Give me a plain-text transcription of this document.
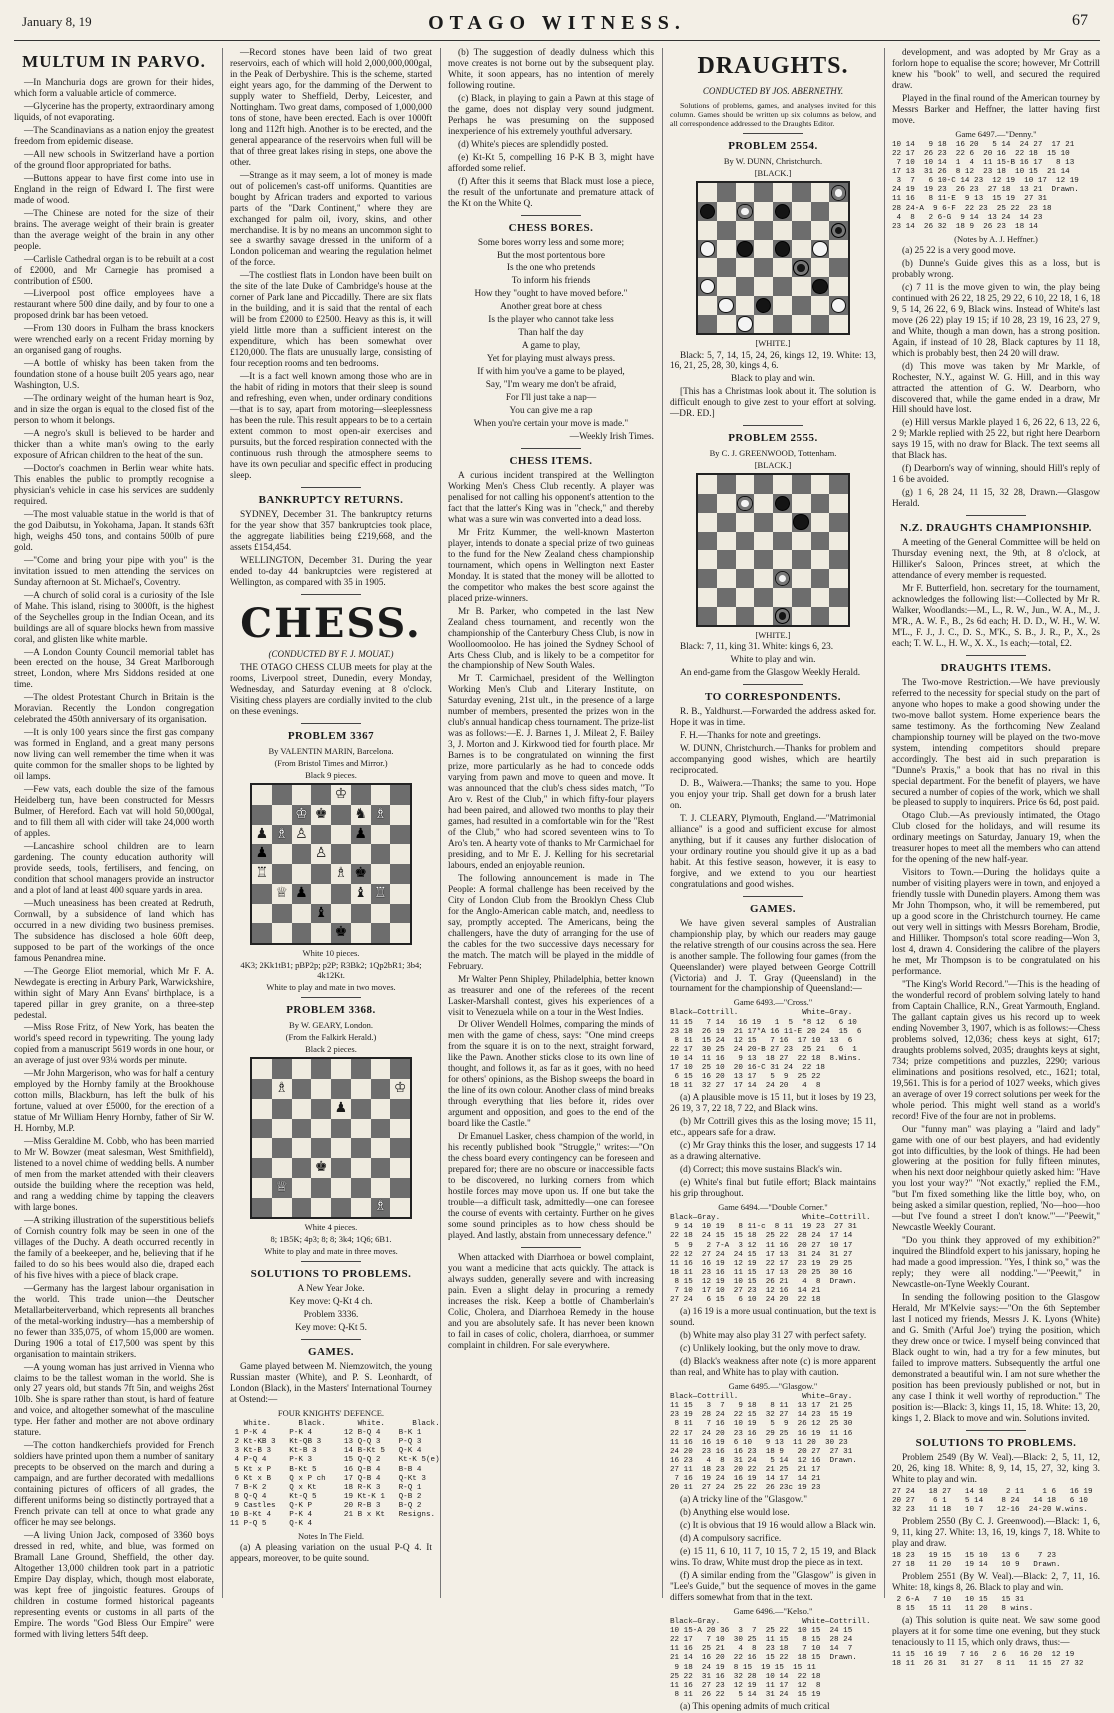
January 8, 19	OTAGO WITNESS.	67
MULTUM IN PARVO.

—In Manchuria dogs are grown for their hides, which form a valuable article of commerce.

—Glycerine has the property, extraordinary among liquids, of not evaporating.

—The Scandinavians as a nation enjoy the greatest freedom from epidemic disease.

—All new schools in Switzerland have a portion of the ground floor appropriated for baths.

—Buttons appear to have first come into use in England in the reign of Edward I. The first were made of wood.

—The Chinese are noted for the size of their brains. The average weight of their brain is greater than the average weight of the brain in any other people.

—Carlisle Cathedral organ is to be rebuilt at a cost of £2000, and Mr Carnegie has promised a contribution of £500.

—Liverpool post office employees have a restaurant where 500 dine daily, and by four to one a proposed drink bar has been vetoed.

—From 130 doors in Fulham the brass knockers were wrenched early on a recent Friday morning by an organised gang of roughs.

—A bottle of whisky has been taken from the foundation stone of a house built 205 years ago, near Washington, U.S.

—The ordinary weight of the human heart is 9oz, and in size the organ is equal to the closed fist of the person to whom it belongs.

—A negro's skull is believed to be harder and thicker than a white man's owing to the early exposure of African children to the heat of the sun.

—Doctor's coachmen in Berlin wear white hats. This enables the public to promptly recognise a physician's vehicle in case his services are suddenly required.

—The most valuable statue in the world is that of the god Daibutsu, in Yokohama, Japan. It stands 63ft high, weighs 450 tons, and contains 500lb of pure gold.

—"Come and bring your pipe with you" is the invitation issued to men attending the services on Sunday afternoon at St. Michael's, Coventry.

—A church of solid coral is a curiosity of the Isle of Mahe. This island, rising to 3000ft, is the highest of the Seychelles group in the Indian Ocean, and its buildings are all of square blocks hewn from massive coral, and glisten like white marble.

—A London County Council memorial tablet has been erected on the house, 34 Great Marlborough street, London, where Mrs Siddons resided at one time.

—The oldest Protestant Church in Britain is the Moravian. Recently the London congregation celebrated the 450th anniversary of its organisation.

—It is only 100 years since the first gas company was formed in England, and a great many persons now living can well remember the time when it was quite common for the smaller shops to be lighted by oil lamps.

—Few vats, each double the size of the famous Heidelberg tun, have been constructed for Messrs Bulmer, of Hereford. Each vat will hold 50,000gal, and to fill them all with cider will take 24,000 worth of apples.

—Lancashire school children are to learn gardening. The county education authority will provide seeds, tools, fertilisers, and fencing, on condition that school managers provide an instructor and a plot of land at least 400 square yards in area.

—Much uneasiness has been created at Redruth, Cornwall, by a subsidence of land which has occurred in a new dividing two business premises. The subsidence has disclosed a hole 60ft deep, supposed to be part of the workings of the once famous Penandrea mine.

—The George Eliot memorial, which Mr F. A. Newdegate is erecting in Arbury Park, Warwickshire, within sight of Mary Ann Evans' birthplace, is a tapered pillar in grey granite, on a three-step pedestal.

—Miss Rose Fritz, of New York, has beaten the world's speed record in typewriting. The young lady copied from a manuscript 5619 words in one hour, or an average of just over 93¼ words per minute.

—Mr John Margerison, who was for half a century employed by the Hornby family at the Brookhouse cotton mills, Blackburn, has left the bulk of his fortune, valued at over £5000, for the erection of a statue of Mr William Henry Hornby, father of Sir W. H. Hornby, M.P.

—Miss Geraldine M. Cobb, who has been married to Mr W. Bowzer (meat salesman, West Smithfield), listened to a novel chime of wedding bells. A number of men from the market attended with their cleavers outside the building where the reception was held, and rang a wedding chime by tapping the cleavers with large bones.

—A striking illustration of the superstitious beliefs of Cornish country folk may be seen in one of the villages of the Duchy. A death occurred recently in the family of a beekeeper, and he, believing that if he failed to do so his bees would also die, draped each of his five hives with a piece of black crape.

—Germany has the largest labour organisation in the world. This trade union—the Deutscher Metallarbeiterverband, which represents all branches of the metal-working industry—has a membership of no fewer than 335,075, of whom 15,000 are women. During 1906 a total of £17,500 was spent by this organisation to maintain strikers.

—A young woman has just arrived in Vienna who claims to be the tallest woman in the world. She is only 27 years old, but stands 7ft 5in, and weighs 26st 10lb. She is spare rather than stout, is hard of feature and voice, and altogether somewhat of the masculine type. Her father and mother are not above ordinary stature.

—The cotton handkerchiefs provided for French soldiers have printed upon them a number of sanitary precepts to be observed on the march and during a campaign, and are further decorated with medallions containing pictures of officers of all grades, the different uniforms being so distinctly portrayed that a French private can tell at once to what grade any officer he may see belongs.

—A living Union Jack, composed of 3360 boys dressed in red, white, and blue, was formed on Bramall Lane Ground, Sheffield, the other day. Altogether 13,000 children took part in a patriotic Empire Day display, which, though most elaborate, was kept free of jingoistic features. Groups of children in costume formed historical pageants representing events or customs in all parts of the Empire. The words "God Bless Our Empire" were formed with living letters 54ft deep.

—Record stones have been laid of two great reservoirs, each of which will hold 2,000,000,000gal, in the Peak of Derbyshire. This is the scheme, started eight years ago, for the damming of the Derwent to supply water to Sheffield, Derby, Leicester, and Nottingham. Two great dams, composed of 1,000,000 tons of stone, have been erected. Each is over 1000ft long and 112ft high. Another is to be erected, and the general appearance of the reservoirs when full will be that of three great lakes rising in steps, one above the other.

—Strange as it may seem, a lot of money is made out of policemen's cast-off uniforms. Quantities are bought by African traders and exported to various parts of the "Dark Continent," where they are exchanged for palm oil, ivory, skins, and other merchandise. It is by no means an uncommon sight to see a swarthy savage dressed in the uniform of a London policeman and wearing the regulation helmet of the force.

—The costliest flats in London have been built on the site of the late Duke of Cambridge's house at the corner of Park lane and Piccadilly. There are six flats in the building, and it is said that the rental of each will be from £2000 to £2500. Heavy as this is, it will yield little more than a sufficient interest on the expenditure, which has been somewhat over £120,000. The flats are unusually large, consisting of four reception rooms and ten bedrooms.

—It is a fact well known among those who are in the habit of riding in motors that their sleep is sound and refreshing, even when, under ordinary conditions—that is to say, apart from motoring—sleeplessness has been the rule. This result appears to be to a certain extent common to most open-air exercises and pursuits, but the forced respiration connected with the continuous rush through the atmosphere seems to have its own peculiar and specific effect in producing sleep.

BANKRUPTCY RETURNS.

SYDNEY, December 31. The bankruptcy returns for the year show that 357 bankruptcies took place, the aggregate liabilities being £219,668, and the assets £154,454.

WELLINGTON, December 31. During the year ended to-day 44 bankruptcies were registered at Wellington, as compared with 35 in 1905.

CHESS.
(CONDUCTED BY F. J. MOUAT.)

THE OTAGO CHESS CLUB meets for play at the rooms, Liverpool street, Dunedin, every Monday, Wednesday, and Saturday evening at 8 o'clock. Visiting chess players are cordially invited to the club on these evenings.

PROBLEM 3367

By VALENTIN MARIN, Barcelona.

(From Bristol Times and Mirror.)

Black 9 pieces.

♔
♔ ♚ ♞ ♗
♟ ♗ ♙	♟
♟	♙
♖	♗ ♚
♕ ♟	♝ ♖
♝
♚

White 10 pieces.

4K3; 2Kk1tB1; pBP2p; p2P; R3Bk2; 1Qp2bR1; 3b4; 4k12Kt.

White to play and mate in two moves.

PROBLEM 3368.

By W. GEARY, London.

(From the Falkirk Herald.)

Black 2 pieces.

♗	♔
♟
♚
♕
♗

White 4 pieces.

8; 1B5K; 4p3; 8; 8; 3k4; 1Q6; 6B1.

White to play and mate in three moves.

SOLUTIONS TO PROBLEMS.

A New Year Joke.

Key move: Q-Kt 4 ch.

Problem 3336.

Key move: Q-Kt 5.

GAMES.

Game played between M. Niemzowitch, the young Russian master (White), and P. S. Leonhardt, of London (Black), in the Masters' International Tourney at Ostend:—

FOUR KNIGHTS' DEFENCE.

White.      Black.       White.      Black.
1 P-K 4     P-K 4       12 B-Q 4    B-K 1
2 Kt-KB 3   Kt-QB 3     13 Q-Q 3    P-Q 3
3 Kt-B 3    Kt-B 3      14 B-Kt 5   Q-K 4
4 P-Q 4     P-K 3       15 Q-Q 2    Kt-K 5(e)
5 Kt x P    B-Kt 5      16 Q-B 4    B-B 4
6 Kt x B    Q x P ch    17 Q-B 4    Q-Kt 3
7 B-K 2     Q x Kt      18 R-K 3    R-Q 1
8 Q-Q 4     Kt-Q 5      19 Kt-K 1   Q-B 2
9 Castles   Q-K P       20 R-B 3    B-Q 2
10 B-Kt 4    P-K 4       21 B x Kt   Resigns.
11 P-Q 5     Q-K 4

Notes In The Field.

(a) A pleasing variation on the usual P-Q 4. It appears, moreover, to be quite sound.

(b) The suggestion of deadly dulness which this move creates is not borne out by the subsequent play. White, it soon appears, has no intention of merely following routine.

(c) Black, in playing to gain a Pawn at this stage of the game, does not display very sound judgment. Perhaps he was presuming on the supposed inexperience of his extremely youthful adversary.

(d) White's pieces are splendidly posted.

(e) Kt-Kt 5, compelling 16 P-K B 3, might have afforded some relief.

(f) After this it seems that Black must lose a piece, the result of the unfortunate and premature attack of the Kt on the White Q.

CHESS BORES.

Some bores worry less and some more;

But the most portentous bore

Is the one who pretends

To inform his friends

How they "ought to have moved before."

Another great bore at chess

Is the player who cannot take less

Than half the day

A game to play,

Yet for playing must always press.

If with him you've a game to be played,

Say, "I'm weary me don't be afraid,

For I'll just take a nap—

You can give me a rap

When you're certain your move is made."

—Weekly Irish Times.

CHESS ITEMS.

A curious incident transpired at the Wellington Working Men's Chess Club recently. A player was penalised for not calling his opponent's attention to the fact that the latter's King was in "check," and thereby what was a sure win was converted into a dead loss.

Mr Fritz Kummer, the well-known Masterton player, intends to donate a special prize of two guineas to the fund for the New Zealand chess championship tournament, which opens in Wellington next Easter Monday. It is stated that the money will be allotted to the competitor who makes the best score against the placed prize-winners.

Mr B. Parker, who competed in the last New Zealand chess tournament, and recently won the championship of the Canterbury Chess Club, is now in Woolloomooloo. He has joined the Sydney School of Arts Chess Club, and is likely to be a competitor for the championship of New South Wales.

Mr T. Carmichael, president of the Wellington Working Men's Club and Literary Institute, on Saturday evening, 21st ult., in the presence of a large number of members, presented the prizes won in the club's annual handicap chess tournament. The prize-list was as follows:—E. J. Barnes 1, J. Mileat 2, F. Bailey 3, J. Morton and J. Kirkwood tied for fourth place. Mr Barnes is to be congratulated on winning the first prize, more particularly as he had to concede odds varying from pawn and move to queen and move. It was announced that the club's chess sides match, "To Aro v. Rest of the Club," in which fifty-four players had been paired, and allowed two months to play their games, had resulted in a comfortable win for the "Rest of the Club," who had scored seventeen wins to To Aro's ten. A hearty vote of thanks to Mr Carmichael for presiding, and to Mr E. J. Kelling for his secretarial labours, ended an enjoyable reunion.

The following announcement is made in The People: A formal challenge has been received by the City of London Club from the Brooklyn Chess Club for the Anglo-American cable match, and, needless to say, promptly accepted. The Americans, being the challengers, have the duty of arranging for the use of the cables for the two successive days necessary for the match. The match will be played in the middle of February.

Mr Walter Penn Shipley, Philadelphia, better known as treasurer and one of the referees of the recent Lasker-Marshall contest, gives his experiences of a visit to Venezuela while on a tour in the West Indies.

Dr Oliver Wendell Holmes, comparing the minds of men with the game of chess, says: "One mind creeps from the square it is on to the next, straight forward, like the Pawn. Another sticks close to its own line of thought, and follows it, as far as it goes, with no heed for others' opinions, as the Bishop sweeps the board in the line of its own colour. Another class of mind breaks through everything that lies before it, rides over argument and opposition, and goes to the end of the board like the Castle."

Dr Emanuel Lasker, chess champion of the world, in his recently published book "Struggle," writes:—"On the chess board every contingency can be foreseen and prepared for; there are no obscure or inaccessible facts to be discovered, no lurking corners from which hostile forces may move upon us. If one but take the trouble—a difficult task, admittedly—one can foresee the course of events with certainty. Further on he gives some sound principles as to how chess should be played. And lastly, abstain from unnecessary defence."

When attacked with Diarrhoea or bowel complaint, you want a medicine that acts quickly. The attack is always sudden, generally severe and with increasing pain. Even a slight delay in procuring a remedy increases the risk. Keep a bottle of Chamberlain's Colic, Cholera, and Diarrhoea Remedy in the house and you are absolutely safe. It has never been known to fail in cases of colic, cholera, diarrhoea, or summer complaint in children. For sale everywhere.

DRAUGHTS.
CONDUCTED BY JOS. ABERNETHY.

Solutions of problems, games, and analyses invited for this column. Games should be written up six columns as below, and all correspondence addressed to the Draughts Editor.

PROBLEM 2554.

By W. DUNN, Christchurch.

[BLACK.]

[WHITE.]

Black: 5, 7, 14, 15, 24, 26, kings 12, 19. White: 13, 16, 21, 25, 28, 30, kings 4, 6.

Black to play and win.

[This has a Christmas look about it. The solution is difficult enough to give zest to your effort at solving.—DR. ED.]

PROBLEM 2555.

By C. J. GREENWOOD, Tottenham.

[BLACK.]

[WHITE.]

Black: 7, 11, king 31. White: kings 6, 23.

White to play and win.

An end-game from the Glasgow Weekly Herald.

TO CORRESPONDENTS.

R. B., Yaldhurst.—Forwarded the address asked for. Hope it was in time.

F. H.—Thanks for note and greetings.

W. DUNN, Christchurch.—Thanks for problem and accompanying good wishes, which are heartily reciprocated.

D. B., Waiwera.—Thanks; the same to you. Hope you enjoy your trip. Shall get down for a brush later on.

T. J. CLEARY, Plymouth, England.—"Matrimonial alliance" is a good and sufficient excuse for almost anything, but if it causes any further dislocation of your ordinary routine you should give it up as a bad habit. At this festive season, however, it is easy to forgive, and we extend to you our heartiest congratulations and good wishes.

GAMES.

We have given several samples of Australian championship play, by which our readers may gauge the relative strength of our cousins across the sea. Here is another sample. The following four games (from the Queenslander) were played between George Cottrill (Victoria) and J. T. Gray (Queensland) in the tournament for the championship of Queensland:—

Game 6493.—"Cross."

Black—Cottrill.              White—Gray.
11 15   7 14   16 19   1  5  *8 12   6 10
23 18  26 19  21 17*A 16 11-E 20 24  15  6
8 11  15 24  12 15   7 16  17 10  13  6
22 17  30 25  24 20-B 27 23  25 21   6  1
10 14  11 16   9 13  18 27  22 18  8.Wins.
17 10  25 10  20 16-C 31 24  22 18
6 15  16 20  13 17   5  9  25 22
18 11  32 27  17 14  24 20   4  8

(a) A plausible move is 15 11, but it loses by 19 23, 26 19, 3 7, 22 18, 7 22, and Black wins.

(b) Mr Cottrill gives this as the losing move; 15 11, etc., appears safe for a draw.

(c) Mr Gray thinks this the loser, and suggests 17 14 as a drawing alternative.

(d) Correct; this move sustains Black's win.

(e) White's final but futile effort; Black maintains his grip throughout.

Game 6494.—"Double Corner."

Black—Gray.                  White—Cottrill.
9 14  10 19   8 11-c  8 11  19 23  27 31
22 18  24 15  15 18  25 22  28 24  17 14
5  9   2 7-A  3 12  11 16  20 27  10 17
22 12  27 24  24 15  17 13  31 24  31 27
11 16  16 19  12 19  22 17  23 19  29 25
18 11  23 16  11 15  17 13  20 25  30 16
8 15  12 19  10 15  26 21   4  8  Drawn.
7 10  17 10  27 23  12 16  14 21
27 24   6 15   6 10  24 20  22 18

(a) 16 19 is a more usual continuation, but the text is sound.

(b) White may also play 31 27 with perfect safety.

(c) Unlikely looking, but the only move to draw.

(d) Black's weakness after note (c) is more apparent than real, and White has to play with caution.

Game 6495.—"Glasgow."

Black—Cottrill.              White—Gray.
11 15   3  7   9 18   8 11  13 17  21 25
23 19  28 24  22 15  32 27  14 23  15 19
8 11   7 16  10 19   5  9  26 12  25 30
22 17  24 20  23 16  29 25  16 19  11 16
11 16  16 19  6 10   9 13  11 20  30 23
24 20  23 16  16 23  18 9   20 27  27 31
16 23   4  8  31 24   5 14  12 16  Drawn.
27 11  18 23  20 22  21 25  21 17
7 16  19 24  16 19  14 17  14 21
20 11  27 24  25 22  26 23c 19 23

(a) A tricky line of the "Glasgow."

(b) Anything else would lose.

(c) It is obvious that 19 16 would allow a Black win.

(d) A compulsory sacrifice.

(e) 15 11, 6 10, 11 7, 10 15, 7 2, 15 19, and Black wins. To draw, White must drop the piece as in text.

(f) A similar ending from the "Glasgow" is given in "Lee's Guide," but the sequence of moves in the game differs somewhat from that in the text.

Game 6496.—"Kelso."

Black—Gray.                  White—Cottrill.
10 15-A 20 36  3  7  25 22  10 15  24 15
22 17   7 10  30 25  11 15   8 15  28 24
11 16  25 21   4  8  23 18   7 10  14  7
21 14  16 20  22 16  15 22  18 15  Drawn.
9 18  24 19  8 15  19 15  15 11
25 22  31 16  32 28  10 14  22 18
11 16  27 23  12 19  11 17  12  8
8 11  26 22   5 14  31 24  15 19

(a) This opening admits of much critical

development, and was adopted by Mr Gray as a forlorn hope to equalise the score; however, Mr Cottrill knew his "book" to well, and secured the required draw.

Played in the final round of the American tourney by Messrs Barker and Heffner, the latter having first move.

Game 6497.—"Denny."

10 14   9 18  16 20   5 14  24 27  17 21
22 17  26 23  22 6  20 16  22 18  15 10
7 10  10 14  1  4  11 15-B 16 17   8 13
17 13  31 26  8 12  23 18  10 15  21 14
3  7   6 10-C 14 23  12 19  10 17  12 19
24 19  19 23  26 23  27 18  13 21  Drawn.
11 16   8 11-E  9 13  15 19  27 31
28 24-A  9 6-F  22 23  25 22  23 18
4  8   2 6-G  9 14  13 24  14 23
23 14  26 32  18 9  26 23  18 14

(Notes by A. J. Heffner.)

(a) 25 22 is a very good move.

(b) Dunne's Guide gives this as a loss, but is probably wrong.

(c) 7 11 is the move given to win, the play being continued with 26 22, 18 25, 29 22, 6 10, 22 18, 1 6, 18 9, 5 14, 26 22, 6 9, Black wins. Instead of White's last move (26 22) play 19 15; if 10 28, 23 19, 16 23, 27 9, and White, though a man down, has a strong position. Again, if instead of 10 28, Black captures by 11 18, which is probably best, then 24 20 will draw.

(d) This move was taken by Mr Markle, of Rochester, N.Y., against W. G. Hill, and in this way attracted the attention of G. W. Dearborn, who discovered that, while the game ended in a draw, Mr Hill should have lost.

(e) Hill versus Markle played 1 6, 26 22, 6 13, 22 6, 2 9; Markle replied with 25 22, but right here Dearborn says 19 15, with no draw for Black. The text seems all that Black has.

(f) Dearborn's way of winning, should Hill's reply of 1 6 be avoided.

(g) 1 6, 28 24, 11 15, 32 28, Drawn.—Glasgow Herald.

N.Z. DRAUGHTS CHAMPIONSHIP.

A meeting of the General Committee will be held on Thursday evening next, the 9th, at 8 o'clock, at Hilliker's Saloon, Princes street, at which the attendance of every member is requested.

Mr F. Butterfield, hon. secretary for the tournament, acknowledges the following list:—Collected by Mr R. Walker, Woodlands:—M., L., R. W., Jun., W. A., M., J. M'R., A. W. F., B., 2s 6d each; H. D. D., W. H., W. W. M'L., F. J., J. C., D. S., M'K., S. B., J. R., P., X., 2s each; T. W. L., H. W., X. X., 1s each;—total, £2.

DRAUGHTS ITEMS.

The Two-move Restriction.—We have previously referred to the necessity for special study on the part of anyone who hopes to make a good showing under the two-move ballot system. Home experience bears the same testimony. As the forthcoming New Zealand championship tourney will be played on the two-move system, intending competitors should prepare accordingly. The best aid in such preparation is "Dunne's Praxis," a book that has no rival in this special department. For the benefit of players, we have secured a number of copies of the work, which we shall be pleased to supply to inquirers. Price 6s 6d, post paid.

Otago Club.—As previously intimated, the Otago Club closed for the holidays, and will resume its ordinary meetings on Saturday, January 19, when the treasurer hopes to meet all the members who can attend for the opening of the new half-year.

Visitors to Town.—During the holidays quite a number of visiting players were in town, and enjoyed a friendly tussle with Dunedin players. Among them was Mr John Thompson, who, it will be remembered, put up a good score in the Christchurch tourney. He came out very well in sittings with Messrs Boreham, Brodie, and Hilliker. Thompson's total score reading—Won 3, lost 4, drawn 4. Considering the calibre of the players he met, Mr Thompson is to be congratulated on his performance.

"The King's World Record."—This is the heading of the wonderful record of problem solving lately to hand from Captain Challice, R.N., Great Yarmouth, England. The gallant captain gives us his record up to week ending November 3, 1907, which is as follows:—Chess problems solved, 12,036; chess keys at sight, 617; draughts problems solved, 2035; draughts keys at sight, 734; prize competitions and puzzles, 2290; various eliminations and positions resolved, etc., 1621; total, 19,561. This is for a period of 1027 weeks, which gives an average of over 19 correct solutions per week for the whole period. This might well stand as a world's record! Five of the four are not in problems.

Our "funny man" was playing a "laird and lady" game with one of our best players, and had evidently got into difficulties, by the look of things. He had been glowering at the position for fully fifteen minutes, when his next door neighbour quietly asked him: "Have you lost your way?" "Not exactly," replied the F.M., "but I'm fixed something like the little boy, who, on being asked a similar question, replied, 'No—hoo—hoo—but I've found a street I don't know.'"—"Peewit," Newcastle Weekly Courant.

"Do you think they approved of my exhibition?" inquired the Blindfold expert to his janissary, hoping he had made a good impression. "Yes, I think so," was the reply; they were all nodding."—"Peewit," in Newcastle-on-Tyne Weekly Courant.

In sending the following position to the Glasgow Herald, Mr M'Kelvie says:—"On the 6th September last I noticed my friends, Messrs J. K. Lyons (White) and G. Smith ('Arful Joe') trying the position, which they drew once or twice. I myself being convinced that Black ought to win, had a try for a few minutes, but failed to improve matters. Subsequently the artful one demonstrated a beautiful win. I am not sure whether the position has been previously published or not, but in any case I think it well worthy of reproduction." The position is:—Black: 3, kings 11, 15, 18. White: 13, 20, kings 1, 2. Black to move and win. Solutions invited.

SOLUTIONS TO PROBLEMS.

Problem 2549 (By W. Veal).—Black: 2, 5, 11, 12, 20, 26, king 18. White: 8, 9, 14, 15, 27, 32, king 3. White to play and win.

27 24   18 27   14 10    2 11    1 6   16 19
20 27    6 1    5 14    8 24   14 18   6 10
32 23   11 18   10 7   12-16  24-20 W.wins.

Problem 2550 (By C. J. Greenwood).—Black: 1, 6, 9, 11, king 27. White: 13, 16, 19, kings 7, 18. White to play and draw.

18 23   19 15   15 10   13 6    7 23
27 18   11 20   19 14   10 9   Drawn.

Problem 2551 (By W. Veal).—Black: 2, 7, 11, 16. White: 18, kings 8, 26. Black to play and win.

2 6-A   7 10   10 15   15 31
8 15   15 11   11 20   8 wins.

(a) This solution is quite neat. We saw some good players at it for some time one evening, but they stuck tenaciously to 11 15, which only draws, thus:—

11 15  16 19   7 16   2 6   16 20  12 19
18 11  26 31   31 27   8 11   11 15  27 32
